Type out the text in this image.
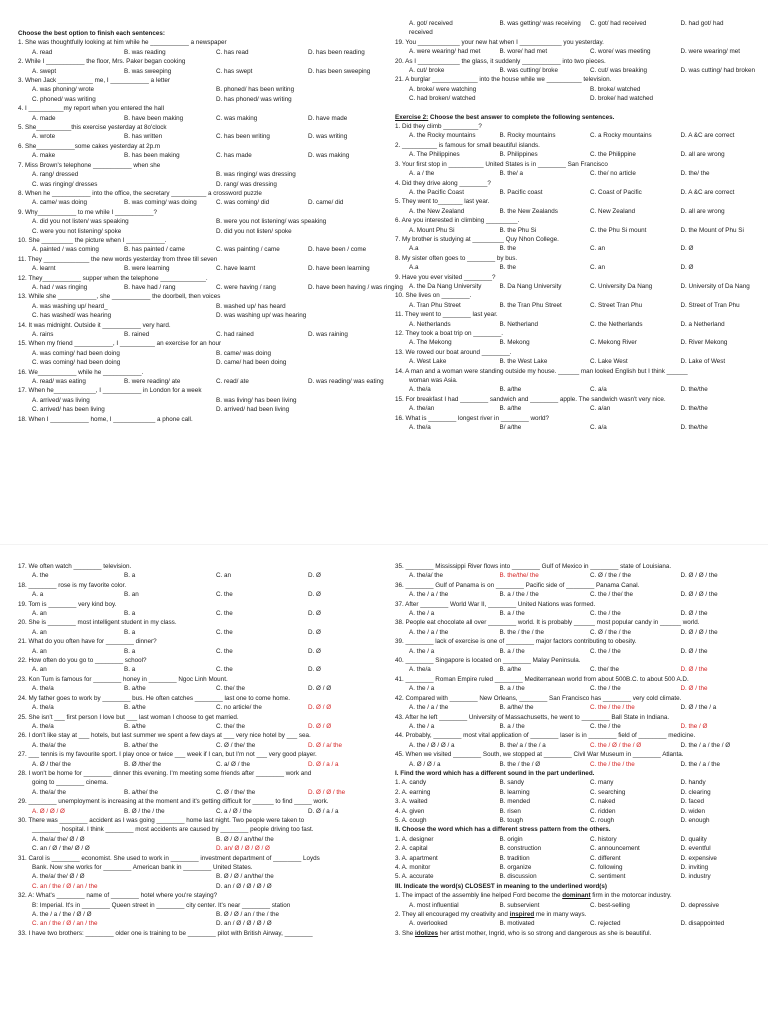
Choose the best option to finish each sentences:
1. She was thoughtfully looking at him while he ___________ a newspaper
A. read	B. was reading	C. has read	D. has been reading
2. While I ___________ the floor, Mrs. Paker began cooking
A. swept	B. was sweeping	C. has swept	D. has been sweeping
3. When Jack __________ me, I ___________ a letter
A. was phoning/ wrote	B. phoned/ has been writing
C. phoned/ was writing	D. has phoned/ was writing
4. I __________my report when you entered the hall
A. made	B. have been making	C. was making	D. have made
5. She__________this exercise yesterday at 8o'clock
A. wrote	B. has written	C. has been writing	D. was writing
6. She___________some cakes yesterday at 2p.m
A. make	B. has been making	C. has made	D. was making
7. Miss Brown's telephone ___________ when she
A. rang/ dressed	B. was ringing/ was dressing
C. was ringing/ dresses	D. rang/ was dressing
8. When he ___________ into the office, the secretary __________ a crossword puzzle
A. came/ was doing	B. was coming/ was doing	C. was coming/ did	D. came/ did
9. Why___________ to me while I ___________?
A. did you not listen/ was speaking	B. were you not listening/ was speaking
C. were you not listening/ spoke	D. did you not listen/ spoke
10. She _________ the picture when I ___________.
A. painted / was coming	B. has painted / came	C. was painting / came	D. have been / come
11. They _____________ the new words yesterday from three till seven
A. learnt	B. were learning	C. have learnt	D. have been learning
12. They___________ supper when the telephone _____________.
A. had / was ringing	B. have had / rang	C. were having / rang	D. have been having / was ringing
13. While she ___________, she ___________ the doorbell, then voices
A. was washing up/ heard_	B. washed up/ has heard
C. has washed/ was hearing	D. was washing up/ was hearing
14. It was midnight. Outside it ___________ very hard.
A. rains	B. rained	C. had rained	D. was raining
15. When my friend ___________, I __________ an exercise for an hour
A. was coming/ had been doing	B. came/ was doing
C. was coming/ had been doing	D. came/ had been doing
16. We___________ while he ___________.
A. read/ was eating	B. were reading/ ate	C. read/ ate	D. was reading/ was eating
17. When he____________, I ___________ in London for a week
A. arrived/ was living	B. was living/ has been living
C. arrived/ has been living	D. arrived/ had been living
18. When I ___________ home, I ____________ a phone call.
A. got/ received	B. was getting/ was receiving	C. got/ had received	D. had got/ had
received
19. You ____________ your new hat when I ____________ you yesterday.
A. were wearing/ had met	B. wore/ had met	C. wore/ was meeting	D. were wearing/ met
20. As I ____________ the glass, it suddenly ___________ into two pieces.
A. cut/ broke	B. was cutting/ broke	C. cut/ was breaking	D. was cutting/ had broken
21. A burglar _____________ into the house while we __________ television.
A. broke/ were watching	B. broke/ watched
C. had broken/ watched	D. broke/ had watched
Exercise 2: Choose the best answer to complete the following sentences.
1. Did they climb __________?
A. the Rocky mountains	B. Rocky mountains	C. a Rocky mountains	D. A &C are correct
2. __________ is famous for small beautiful islands.
A. The Philippines	B. Philippines	C. the Philippine	D. all are wrong
3. Your first stop in __________ United States is in ________ San Francisco
A. a / the	B. the/ a	C. the/ no article	D. the/ the
4. Did they drive along ________?
A. the Pacific Coast	B. Pacific coast	C. Coast of Pacific	D. A &C are correct
5. They went to_______ last year.
A. the New Zealand	B. the New Zealands	C. New Zealand	D. all are wrong
6. Are you interested in climbing _________.
A. Mount Phu Si	B. the Phu Si	C. the Phu Si mount	D. the Mount of Phu Si
7. My brother is studying at _________ Quy Nhon College.
A.a	B. the	C. an	D. Ø
8. My sister often goes to ________ by bus.
A.a	B. the	C. an	D. Ø
9. Have you ever visited ________?
A. the Da Nang University	B. Da Nang University	C. University Da Nang	D. University of Da Nang
10. She lives on ________.
A. Tran Phu Street	B. the Tran Phu Street	C. Street Tran Phu	D. Street of Tran Phu
11. They went to ________ last year.
A. Netherlands	B. Netherland	C. the Netherlands	D. a Netherland
12. They took a boat trip on ________.
A. The Mekong	B. Mekong	C. Mekong River	D. River Mekong
13. We rowed our boat around ________.
A. West Lake	B. the West Lake	C. Lake West	D. Lake of West
14. A man and a woman were standing outside my house. ______ man looked English but I think ______
woman was Asia.
A. the/a	B. a/the	C. a/a	D. the/the
15. For breakfast I had ________ sandwich and ________ apple. The sandwich wasn't very nice.
A. the/an	B. a/the	C. a/an	D. the/the
16. What is ________ longest river in ________ world?
A. the/a	B/ a/the	C. a/a	D. the/the
17. We often watch ________ television.
A. the	B. a	C. an	D. Ø
18. ________ rose is my favorite color.
A. a	B. an	C. the	D. Ø
19. Tom is ________ very kind boy.
A. an	B. a	C. the	D. Ø
20. She is ________ most intelligent student in my class.
A. an	B. a	C. the	D. Ø
21. What do you often have for ________ dinner?
A. an	B. a	C. the	D. Ø
22. How often do you go to ________ school?
A. an	B. a	C. the	D. Ø
23. Kon Tum is famous for ________ honey in ________ Ngoc Linh Mount.
A. the/a	B. a/the	C. the/ the	D. Ø / Ø
24. My father goes to work by ________ bus. He often catches ________ last one to come home.
A. the/a	B. a/the	C. no article/ the	D. Ø / Ø
25. She isn't ___ first person I love but ___ last woman I choose to get married.
A. the/a	B. a/the	C. the/ the	D. Ø / Ø
26. I don't like stay at ___ hotels, but last summer we spent a few days at ___ very nice hotel by ___ sea.
A. the/a/ the	B. a/the/ the	C. Ø / the/ the	D. Ø / a/ the
27. ___ tennis is my favourite sport. I play once or twice ___ week if I can, but I'm not ___ very good player.
A. Ø / the/ the	B. Ø /the/ the	C. a/ Ø / the	D. Ø / a / a
28. I won't be home for ________ dinner this evening. I'm meeting some friends after ________ work and
going to ________ cinema.
A. the/a/ the	B. a/the/ the	C. Ø / the/ the	D. Ø / Ø / the
29. ________ unemployment is increasing at the moment and it's getting difficult for ______ to find _____ work.
A. Ø / Ø / Ø	B. Ø / the / the	C. a / Ø / the	D. Ø / a / a
30. There was ________ accident as I was going ________ home last night. Two people were taken to
________ hospital. I think ________ most accidents are caused by ________ people driving too fast.
A. the/a/ the/ Ø / Ø	B. Ø / Ø / an/the/ the
C. an / Ø / the/ Ø / Ø	D. an/ Ø / Ø / Ø / Ø
31. Carol is ________ economist. She used to work in ________ investment department of ________ Loyds
Bank. Now she works for ________ American bank in ________ United States.
A. the/a/ the/ Ø / Ø	B. Ø / Ø / an/the/ the
C. an / the / Ø / an / the	D. an / Ø / Ø / Ø / Ø
32. A: What's ________ name of ________ hotel where you're staying?
B: Imperial. It's in ________ Queen street in ________ city center. It's near ________ station
A. the / a / the / Ø / Ø	B. Ø / Ø / an / the / the
C. an / the / Ø / an / the	D. an / Ø / Ø / Ø / Ø
33. I have two brothers: ________ older one is training to be ________ pilot with British Airway, ________
35. ________ Mississippi River flows into ________ Gulf of Mexico in ________ state of Louisiana.
A. the/a/ the	B. the/the/ the	C. Ø / the / the	D. Ø / Ø / the
36. ________ Gulf of Panama is on ________ Pacific side of ________ Panama Canal.
A. the / a / the	B. a / the / the	C. the / the/ the	D. Ø / Ø / the
37. After ________ World War II, ________ United Nations was formed.
A. the / a	B. a / the	C. the / the	D. Ø / the
38. People eat chocolate all over ________ world. It is probably ______ most popular candy in ______ world.
A. the / a / the	B. the / the / the	C. Ø / the / the	D. Ø / Ø / the
39. ________ lack of exercise is one of ________ major factors contributing to obesity.
A. the / a	B. a / the	C. the / the	D. Ø / the
40. ________ Singapore is located on ________ Malay Peninsula.
A. the/a	B. a/the	C. the/ the	D. Ø / the
41. ________ Roman Empire ruled ________ Mediterranean world from about 500B.C. to about 500 A.D.
A. the / a	B. a / the	C. the / the	D. Ø / the
42. Compared with ________ New Orleans, ________ San Francisco has ________ very cold climate.
A. the / a / the	B. a/the/ the	C. the / the / the	D. Ø / the / a
43. After he left ________ University of Massachusetts, he went to ________ Ball State in Indiana.
A. the / a	B. a / the	C. the / the	D. the / Ø
44. Probably, ________ most vital application of ________ laser is in ________ field of ________ medicine.
A. the / Ø / Ø / a	B. the/ a / the / a	C. the / Ø / the / Ø	D. the / a / the / Ø
45. When we visited ________ South, we stopped at ________ Civil War Museum in ________ Atlanta.
A. Ø / Ø / a	B. the / the / Ø	C. the / the / the	D. the / a / the
I. Find the word which has a different sound in the part underlined.
1. A. candy	B. sandy	C. many	D. handy
2. A. earning	B. learning	C. searching	D. clearing
3. A. waited	B. mended	C. naked	D. faced
4. A. given	B. risen	C. ridden	D. widen
5. A. cough	B. tough	C. rough	D. enough
II. Choose the word which has a different stress pattern from the others.
1. A. designer	B. origin	C. history	D. quality
2. A. capital	B. construction	C. announcement	D. eventful
3. A. apartment	B. tradition	C. different	D. expensive
4. A. monitor	B. organize	C. following	D. inviting
5. A. accurate	B. discussion	C. sentiment	D. industry
III. Indicate the word(s) CLOSEST in meaning to the underlined word(s)
1. The impact of the assembly line helped Ford become the dominant firm in the motorcar industry.
A. most influential	B. subservient	C. best-selling	D. depressive
2. They all encouraged my creativity and inspired me in many ways.
A. overlooked	B. motivated	C. rejected	D. disappointed
3. She idolizes her artist mother, Ingrid, who is so strong and dangerous as she is beautiful.
